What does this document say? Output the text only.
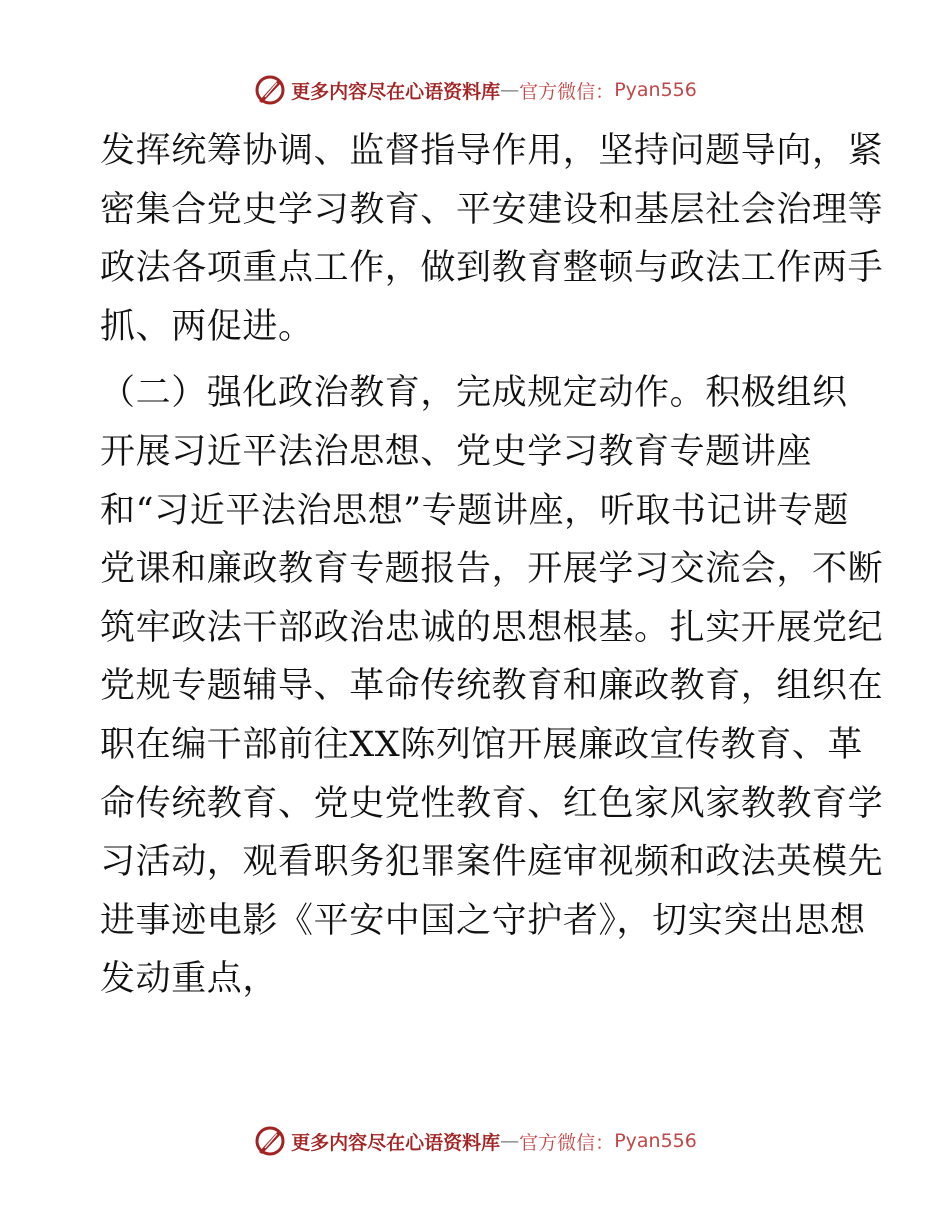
更多内容尽在心语资料库 — 官方微信： Pyan556
发挥统筹协调、监督指导作用，坚持问题导向，紧
密集合党史学习教育、平安建设和基层社会治理等
政法各项重点工作，做到教育整顿与政法工作两手
抓、两促进。
（二）强化政治教育，完成规定动作。积极组织
开展习近平法治思想、党史学习教育专题讲座
和“习近平法治思想”专题讲座，听取书记讲专题
党课和廉政教育专题报告，开展学习交流会，不断
筑牢政法干部政治忠诚的思想根基。扎实开展党纪
党规专题辅导、革命传统教育和廉政教育，组织在
职在编干部前往XX陈列馆开展廉政宣传教育、革
命传统教育、党史党性教育、红色家风家教教育学
习活动，观看职务犯罪案件庭审视频和政法英模先
进事迹电影《平安中国之守护者》，切实突出思想
发动重点，
更多内容尽在心语资料库 — 官方微信： Pyan556
